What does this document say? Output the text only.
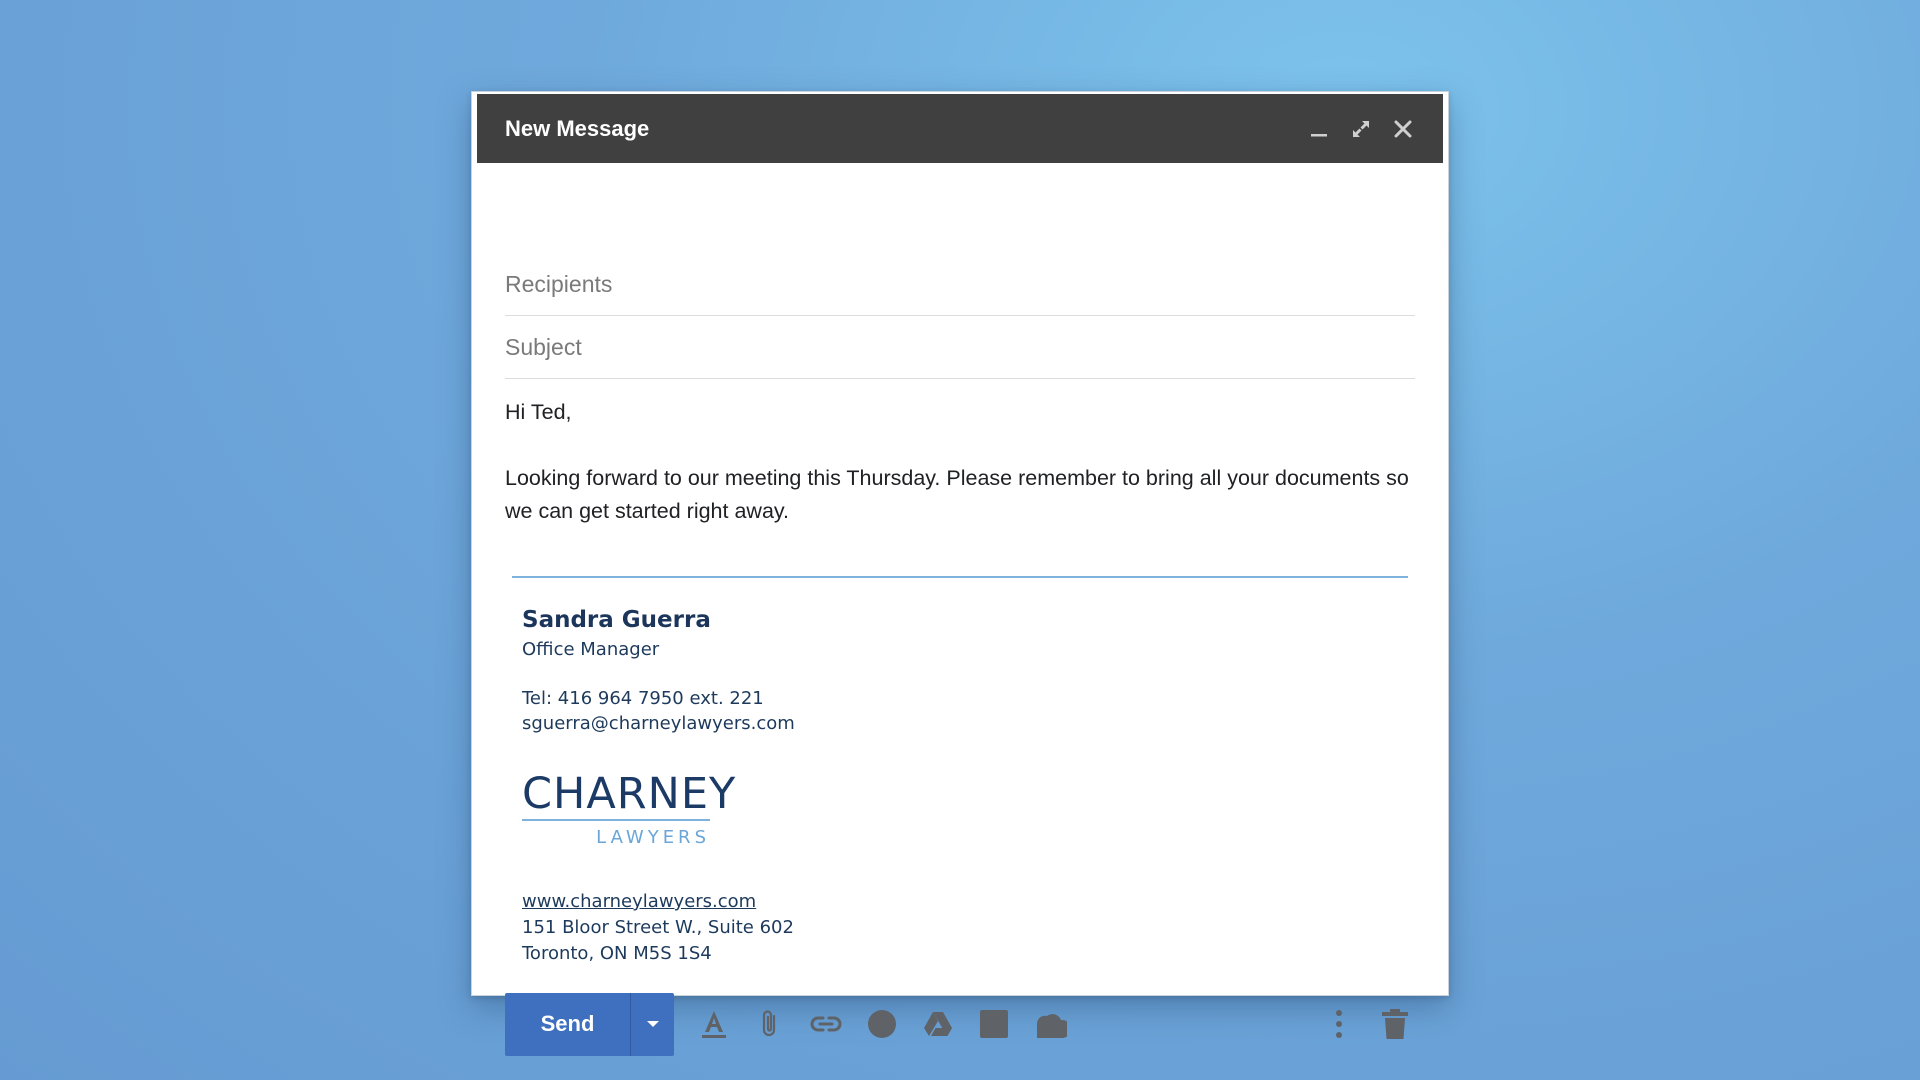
New Message
Recipients
Subject

Hi Ted,

Looking forward to our meeting this Thursday. Please remember to bring all your documents so we can get started right away.

Sandra Guerra
Office Manager
Tel: 416 964 7950 ext. 221
sguerra@charneylawyers.com
CHARNEY
LAWYERS
www.charneylawyers.com
151 Bloor Street W., Suite 602
Toronto, ON M5S 1S4
Send
